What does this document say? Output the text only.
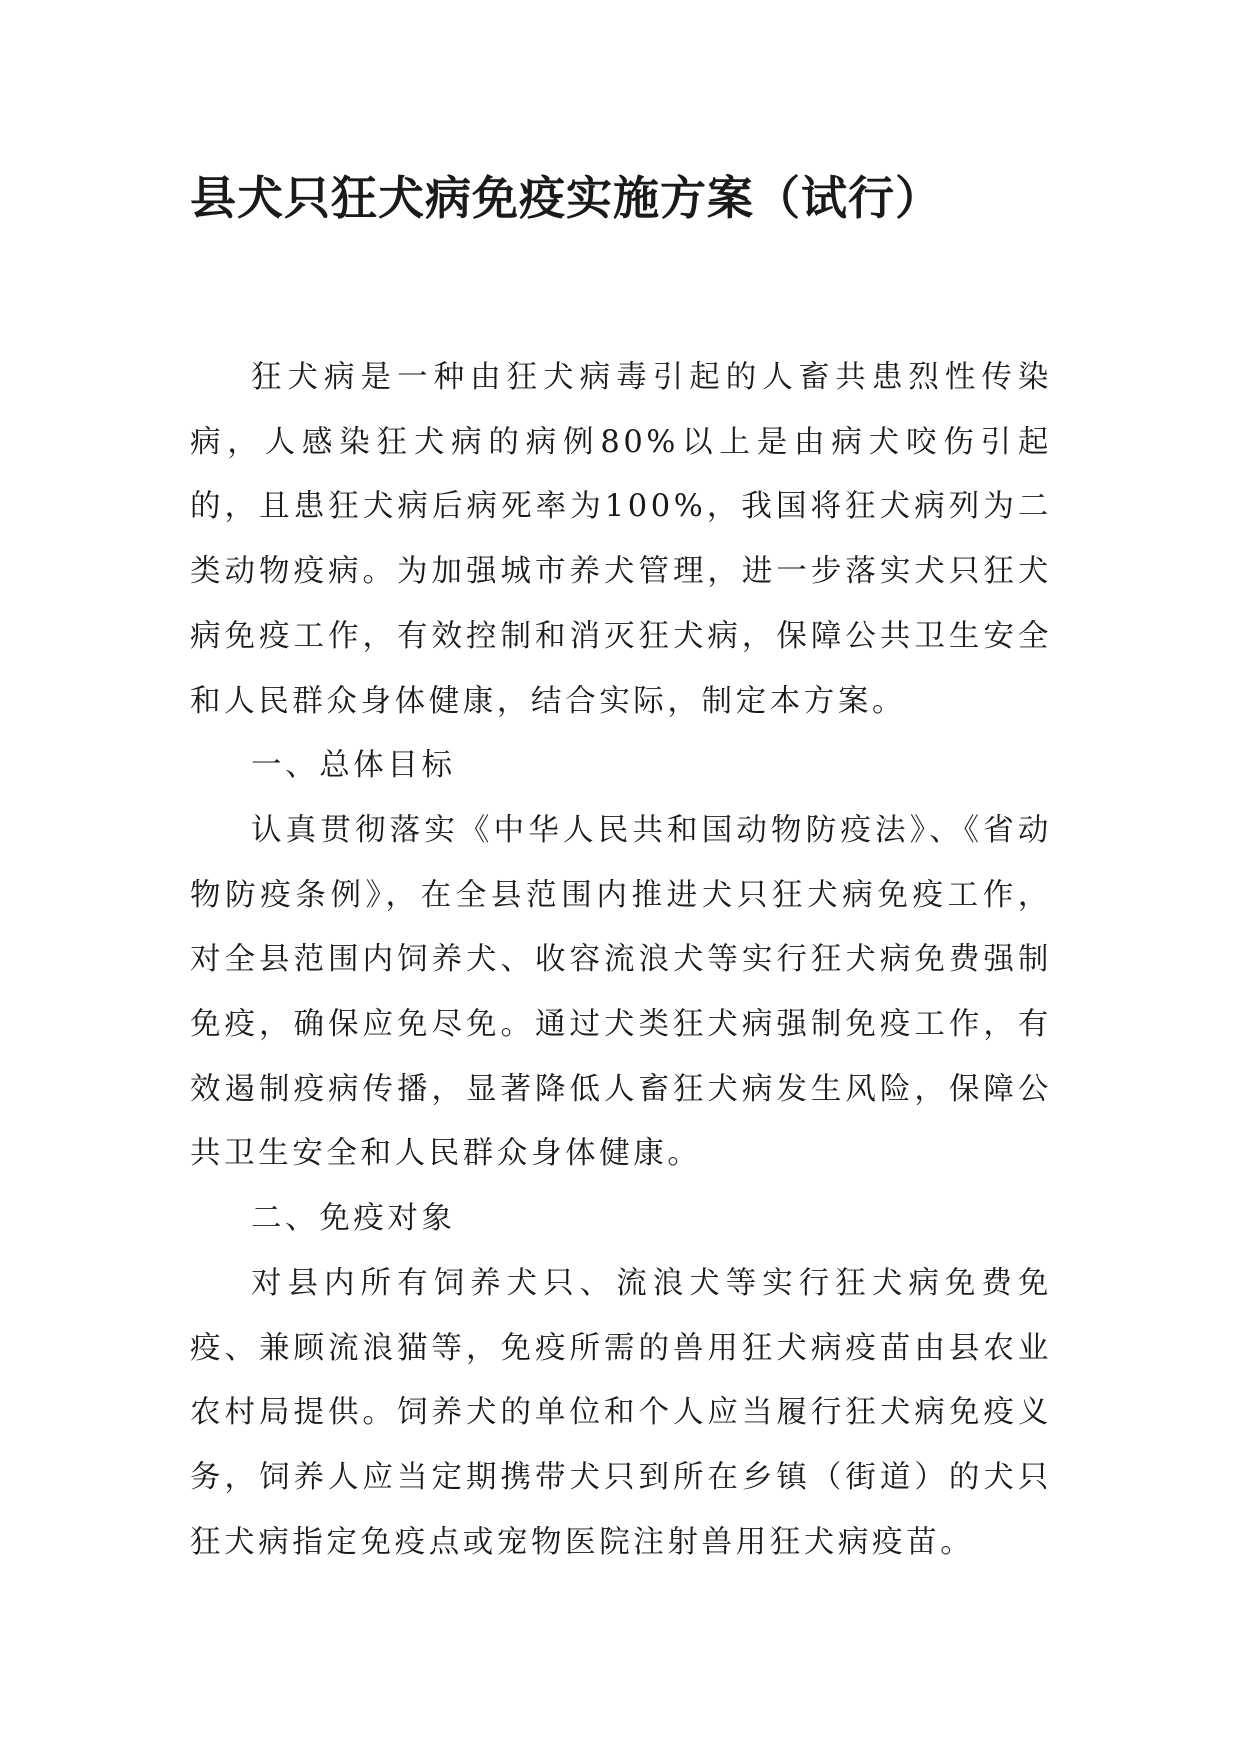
县犬只狂犬病免疫实施方案（试行）

狂犬病是一种由狂犬病毒引起的人畜共患烈性传染病，人感染狂犬病的病例80%以上是由病犬咬伤引起的，且患狂犬病后病死率为100%，我国将狂犬病列为二类动物疫病。为加强城市养犬管理，进一步落实犬只狂犬病免疫工作，有效控制和消灭狂犬病，保障公共卫生安全和人民群众身体健康，结合实际，制定本方案。

一、总体目标

认真贯彻落实《中华人民共和国动物防疫法》、《省动物防疫条例》，在全县范围内推进犬只狂犬病免疫工作，对全县范围内饲养犬、收容流浪犬等实行狂犬病免费强制免疫，确保应免尽免。通过犬类狂犬病强制免疫工作，有效遏制疫病传播，显著降低人畜狂犬病发生风险，保障公共卫生安全和人民群众身体健康。

二、免疫对象

对县内所有饲养犬只、流浪犬等实行狂犬病免费免疫、兼顾流浪猫等，免疫所需的兽用狂犬病疫苗由县农业农村局提供。饲养犬的单位和个人应当履行狂犬病免疫义务，饲养人应当定期携带犬只到所在乡镇（街道）的犬只狂犬病指定免疫点或宠物医院注射兽用狂犬病疫苗。
